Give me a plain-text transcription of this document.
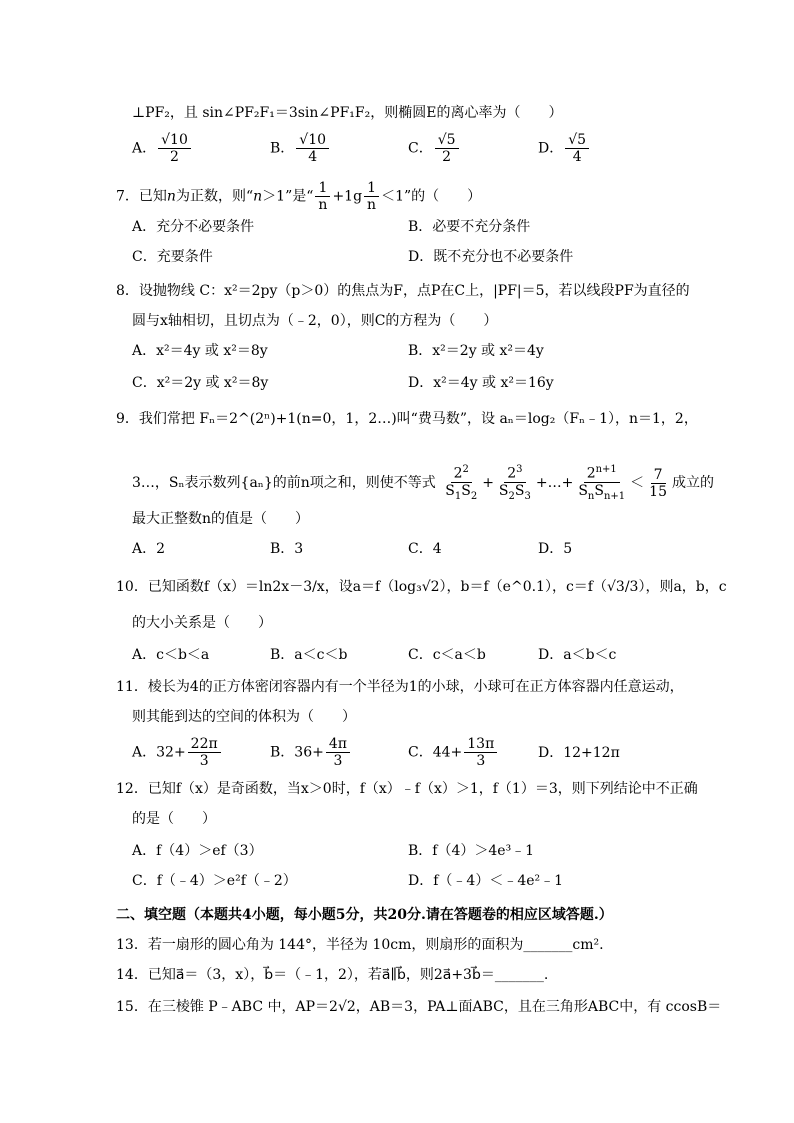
⊥PF₂，且 sin∠PF₂F₁＝3sin∠PF₁F₂，则椭圆E的离心率为（　　）
A． $\frac{√10}{2}$	B． $\frac{√10}{4}$	C． $\frac{√5}{2}$	D． $\frac{√5}{4}$
7．已知n为正数，则“n＞1”是“ $\frac{1}{n} +1g \frac{1}{n} <1$”的（　　）
A．充分不必要条件	B．必要不充分条件
C．充要条件	D．既不充分也不必要条件
8．设抛物线 C：x²＝2py（p＞0）的焦点为F，点P在C上，|PF|＝5，若以线段PF为直径的
圆与x轴相切，且切点为（﹣2，0），则C的方程为（　　）
A．x²＝4y 或 x²＝8y	B．x²＝2y 或 x²＝4y
C．x²＝2y 或 x²＝8y	D．x²＝4y 或 x²＝16y
9．我们常把 Fₙ＝2^(2ⁿ)+1(n=0，1，2…)叫“费马数”，设 aₙ＝log₂（Fₙ﹣1），n＝1，2，
3…，Sₙ表示数列{aₙ}的前n项之和，则使不等式 $\frac{2^2}{S_1S_2} + \frac{2^3}{S_2S_3}$ +…+ $\frac{2^{n+1}}{S_nS_{n+1}} < \frac{7}{15}$ 成立的
最大正整数n的值是（　　）
A．2	B．3	C．4	D．5
10．已知函数f（x）＝ln2x－3/x，设a＝f（log₃√2），b＝f（e^0.1），c＝f（√3/3），则a，b，c
的大小关系是（　　）
A．c＜b＜a	B．a＜c＜b	C．c＜a＜b	D．a＜b＜c
11．棱长为4的正方体密闭容器内有一个半径为1的小球，小球可在正方体容器内任意运动，
则其能到达的空间的体积为（　　）
A．$32+ \frac{22\pi}{3}$	B．$36+ \frac{4\pi}{3}$	C．$44+ \frac{13\pi}{3}$	D．12+12π
12．已知f（x）是奇函数，当x＞0时，f（x）﹣f（x）＞1，f（1）＝3，则下列结论中不正确
的是（　　）
A．f（4）＞ef（3）	B．f（4）＞4e³﹣1
C．f（﹣4）＞e²f（﹣2）	D．f（﹣4）＜﹣4e²﹣1
二、填空题（本题共4小题，每小题5分，共20分.请在答题卷的相应区域答题.）
13．若一扇形的圆心角为 144°，半径为 10cm，则扇形的面积为_______cm².
14．已知a⃗＝（3，x），b⃗＝（﹣1，2），若a⃗∥b⃗，则2a⃗+3b⃗＝_______.
15．在三棱锥 P﹣ABC 中，AP＝2√2，AB＝3，PA⊥面ABC，且在三角形ABC中，有 ccosB＝
